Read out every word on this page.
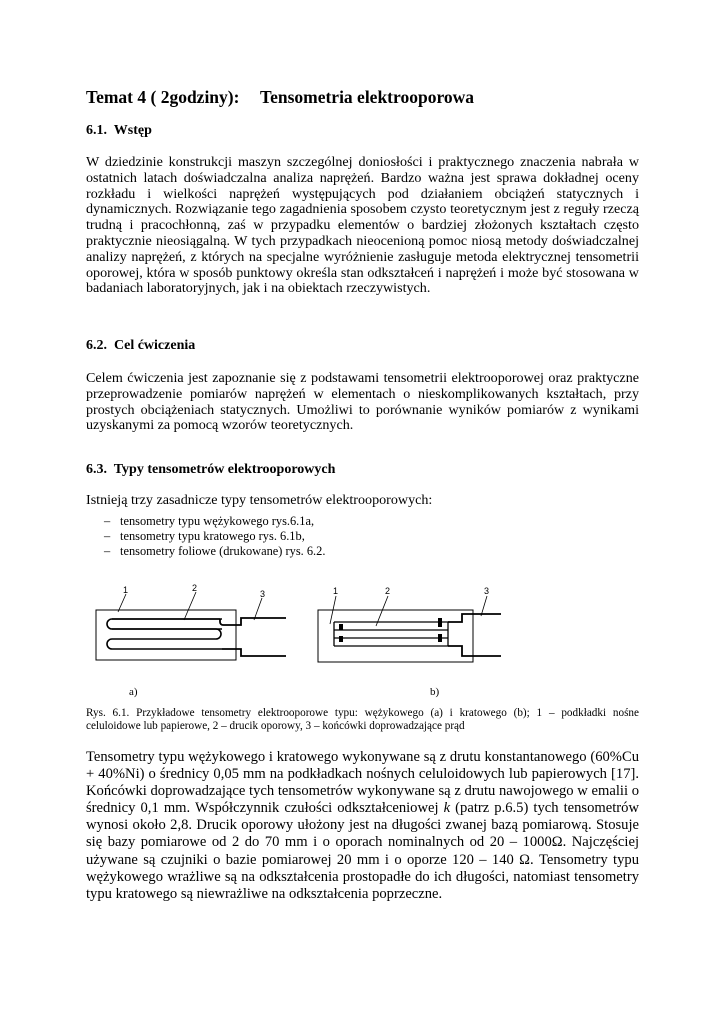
Temat 4 ( 2godziny): Tensometria elektrooporowa
6.1. Wstęp

W dziedzinie konstrukcji maszyn szczególnej doniosłości i praktycznego znaczenia nabrała w ostatnich latach doświadczalna analiza naprężeń. Bardzo ważna jest sprawa dokładnej oceny rozkładu i wielkości naprężeń występujących pod działaniem obciążeń statycznych i dynamicznych. Rozwiązanie tego zagadnienia sposobem czysto teoretycznym jest z reguły rzeczą trudną i pracochłonną, zaś w przypadku elementów o bardziej złożonych kształtach często praktycznie nieosiągalną. W tych przypadkach nieocenioną pomoc niosą metody doświadczalnej analizy naprężeń, z których na specjalne wyróżnienie zasługuje metoda elektrycznej tensometrii oporowej, która w sposób punktowy określa stan odkształceń i naprężeń i może być stosowana w badaniach laboratoryjnych, jak i na obiektach rzeczywistych.

6.2. Cel ćwiczenia

Celem ćwiczenia jest zapoznanie się z podstawami tensometrii elektrooporowej oraz praktyczne przeprowadzenie pomiarów naprężeń w elementach o nieskomplikowanych kształtach, przy prostych obciążeniach statycznych. Umożliwi to porównanie wyników pomiarów z wynikami uzyskanymi za pomocą wzorów teoretycznych.

6.3. Typy tensometrów elektrooporowych

Istnieją trzy zasadnicze typy tensometrów elektrooporowych:

– tensometry typu wężykowego rys.6.1a,
– tensometry typu kratowego rys. 6.1b,
– tensometry foliowe (drukowane) rys. 6.2.
1	2
3	1	2	3
a)	b)

Rys. 6.1. Przykładowe tensometry elektrooporowe typu: wężykowego (a) i kratowego (b); 1 – podkładki nośne celuloidowe lub papierowe, 2 – drucik oporowy, 3 – końcówki doprowadzające prąd

Tensometry typu wężykowego i kratowego wykonywane są z drutu konstantanowego (60%Cu + 40%Ni) o średnicy 0,05 mm na podkładkach nośnych celuloidowych lub papierowych [17]. Końcówki doprowadzające tych tensometrów wykonywane są z drutu nawojowego w emalii o średnicy 0,1 mm. Współczynnik czułości odkształceniowej k (patrz p.6.5) tych tensometrów wynosi około 2,8. Drucik oporowy ułożony jest na długości zwanej bazą pomiarową. Stosuje się bazy pomiarowe od 2 do 70 mm i o oporach nominalnych od 20 – 1000Ω. Najczęściej używane są czujniki o bazie pomiarowej 20 mm i o oporze 120 – 140 Ω. Tensometry typu wężykowego wrażliwe są na odkształcenia prostopadłe do ich długości, natomiast tensometry typu kratowego są niewrażliwe na odkształcenia poprzeczne.
